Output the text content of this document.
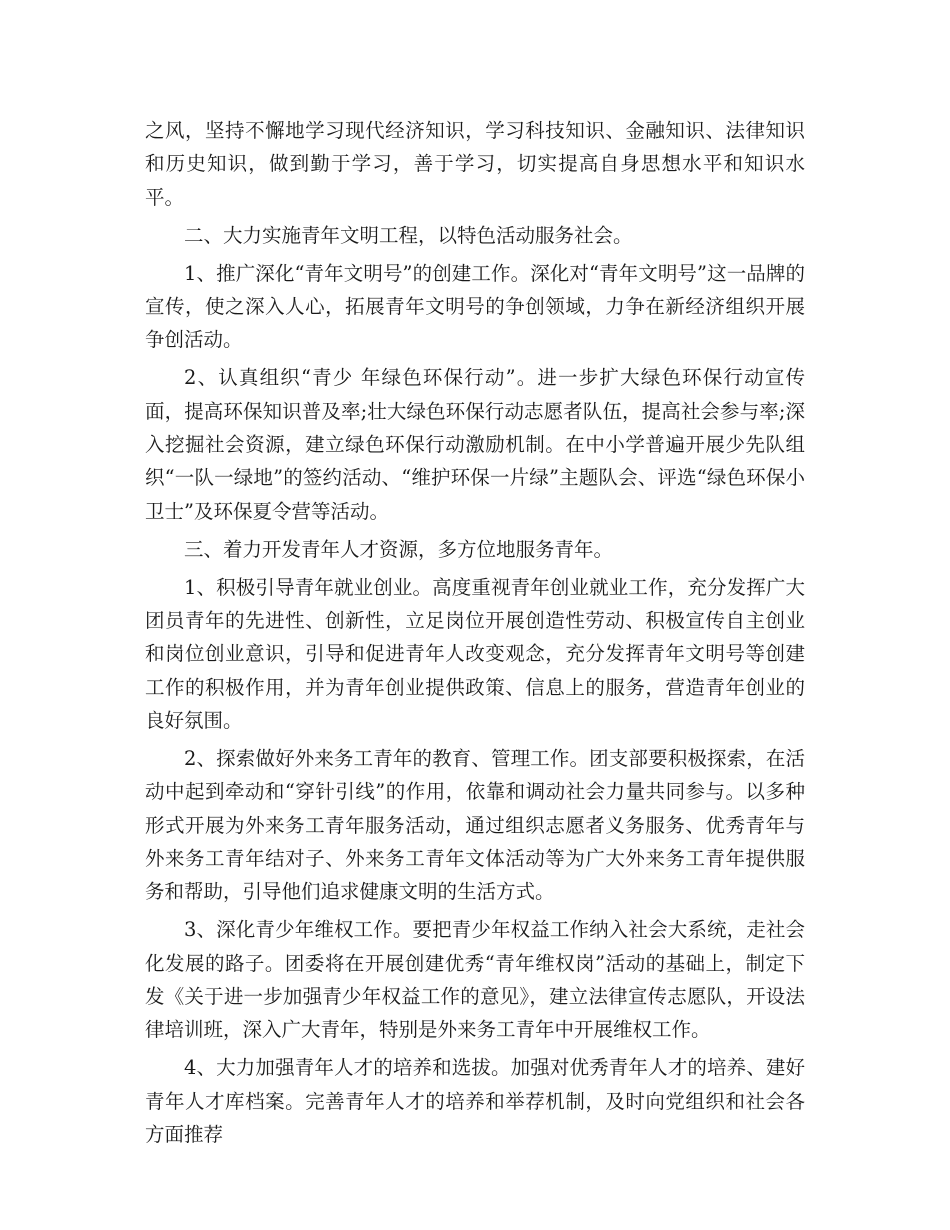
之风，坚持不懈地学习现代经济知识，学习科技知识、金融知识、法律知识和历史知识，做到勤于学习，善于学习，切实提高自身思想水平和知识水平。

二、大力实施青年文明工程，以特色活动服务社会。

1、推广深化“青年文明号”的创建工作。深化对“青年文明号”这一品牌的宣传，使之深入人心，拓展青年文明号的争创领域，力争在新经济组织开展争创活动。

2、认真组织“青少 年绿色环保行动”。进一步扩大绿色环保行动宣传面，提高环保知识普及率;壮大绿色环保行动志愿者队伍，提高社会参与率;深入挖掘社会资源，建立绿色环保行动激励机制。在中小学普遍开展少先队组织“一队一绿地”的签约活动、“维护环保一片绿”主题队会、评选“绿色环保小卫士”及环保夏令营等活动。

三、着力开发青年人才资源，多方位地服务青年。

1、积极引导青年就业创业。高度重视青年创业就业工作，充分发挥广大团员青年的先进性、创新性，立足岗位开展创造性劳动、积极宣传自主创业和岗位创业意识，引导和促进青年人改变观念，充分发挥青年文明号等创建工作的积极作用，并为青年创业提供政策、信息上的服务，营造青年创业的良好氛围。

2、探索做好外来务工青年的教育、管理工作。团支部要积极探索，在活动中起到牵动和“穿针引线”的作用，依靠和调动社会力量共同参与。以多种形式开展为外来务工青年服务活动，通过组织志愿者义务服务、优秀青年与外来务工青年结对子、外来务工青年文体活动等为广大外来务工青年提供服务和帮助，引导他们追求健康文明的生活方式。

3、深化青少年维权工作。要把青少年权益工作纳入社会大系统，走社会化发展的路子。团委将在开展创建优秀“青年维权岗”活动的基础上，制定下发《关于进一步加强青少年权益工作的意见》，建立法律宣传志愿队，开设法律培训班，深入广大青年，特别是外来务工青年中开展维权工作。

4、大力加强青年人才的培养和选拔。加强对优秀青年人才的培养、建好青年人才库档案。完善青年人才的培养和举荐机制，及时向党组织和社会各方面推荐
